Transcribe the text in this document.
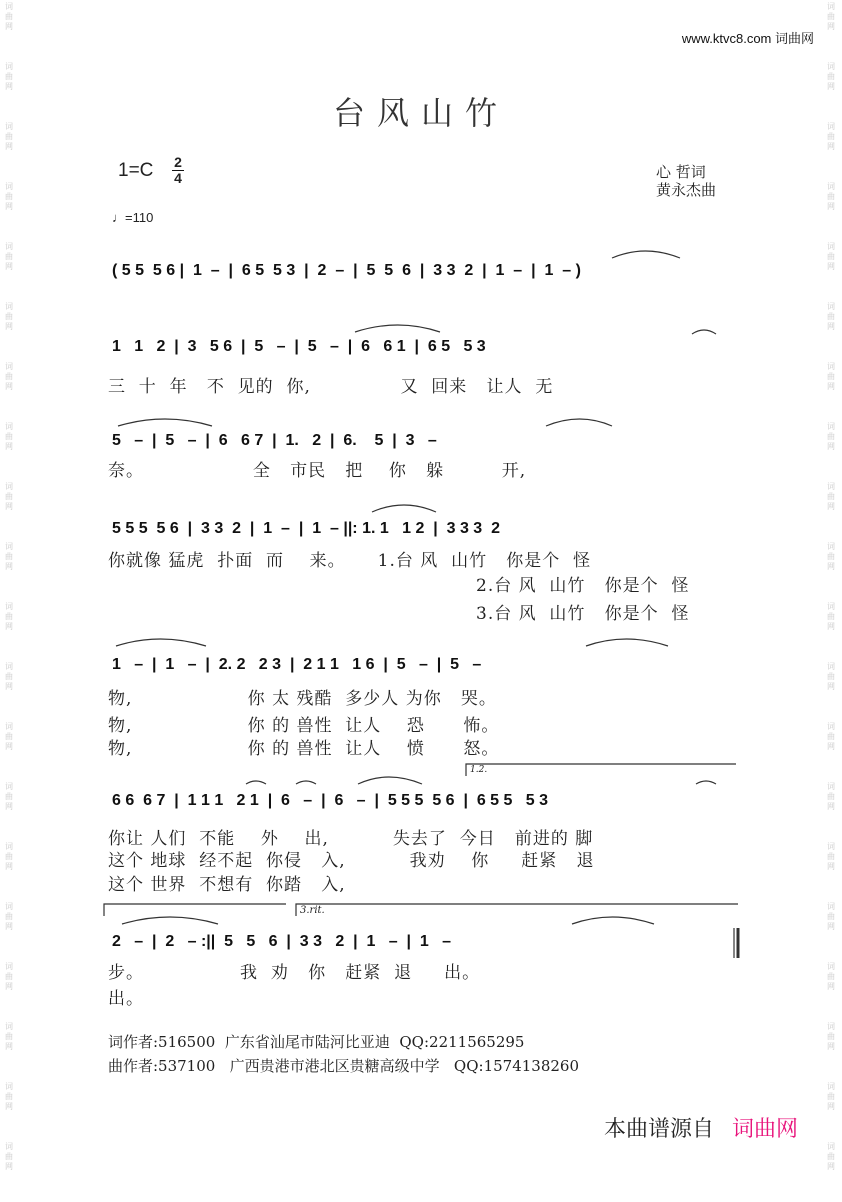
词
曲
网
词
曲
网
词
曲
网
词
曲
网
词
曲
网
词
曲
网
词
曲
网
词
曲
网
词
曲
网
词
曲
网
词
曲
网
词
曲
网
词
曲
网
词
曲
网
词
曲
网
词
曲
网
词
曲
网
词
曲
网
词
曲
网
词
曲
网
词
曲
网
词
曲
网
词
曲
网
词
曲
网
词
曲
网
词
曲
网
词
曲
网
词
曲
网
词
曲
网
词
曲
网
词
曲
网
词
曲
网
词
曲
网
词
曲
网
词
曲
网
词
曲
网
词
曲
网
词
曲
网
词
曲
网
词
曲
网
www.ktvc8.com 词曲网
台风山竹
1=C 2
4
♩=110
心 哲词
黄永杰曲
( 5 5  5 6 |  1  –  |  6 5  5 3  |  2  –  |  5  5  6  |  3 3  2  |  1  –  |  1  – )
1   1   2  |  3   5 6  |  5   –  |  5   –  |  6   6 1  |  6 5   5 3
三  十  年   不  见的  你,              又  回来   让人  无
5   –  |  5   –  |  6   6 7  |  1.   2  |  6.    5  |  3   –
奈。                 全   市民   把    你   躲         开,
5 5 5  5 6  |  3 3  2  |  1  –  |  1  – ||: 1. 1   1 2  |  3 3 3  2
你就像 猛虎  扑面  而    来。     1.台 风  山竹   你是个  怪
2.台 风  山竹   你是个  怪
3.台 风  山竹   你是个  怪
1   –  |  1   –  |  2. 2   2 3  |  2 1 1   1 6  |  5   –  |  5   –
物,                  你 太 残酷  多少人 为你   哭。
物,                  你 的 兽性  让人    恐      怖。
物,                  你 的 兽性  让人    愤      怒。
1.2.
6 6  6 7  |  1 1 1   2 1  |  6   –  |  6   –  |  5 5 5  5 6  |  6 5 5   5 3
你让 人们  不能    外    出,          失去了  今日   前进的 脚
这个 地球  经不起  你侵   入,          我劝    你     赶紧   退
这个 世界  不想有  你踏   入,
3.rit.
2   –  |  2   – :||  5   5   6  |  3 3   2  |  1   –  |  1   –
步。               我  劝   你   赶紧  退     出。
出。
词作者:516500  广东省汕尾市陆河比亚迪  QQ:2211565295
曲作者:537100   广西贵港市港北区贵糖高级中学   QQ:1574138260
本曲谱源自 词曲网
